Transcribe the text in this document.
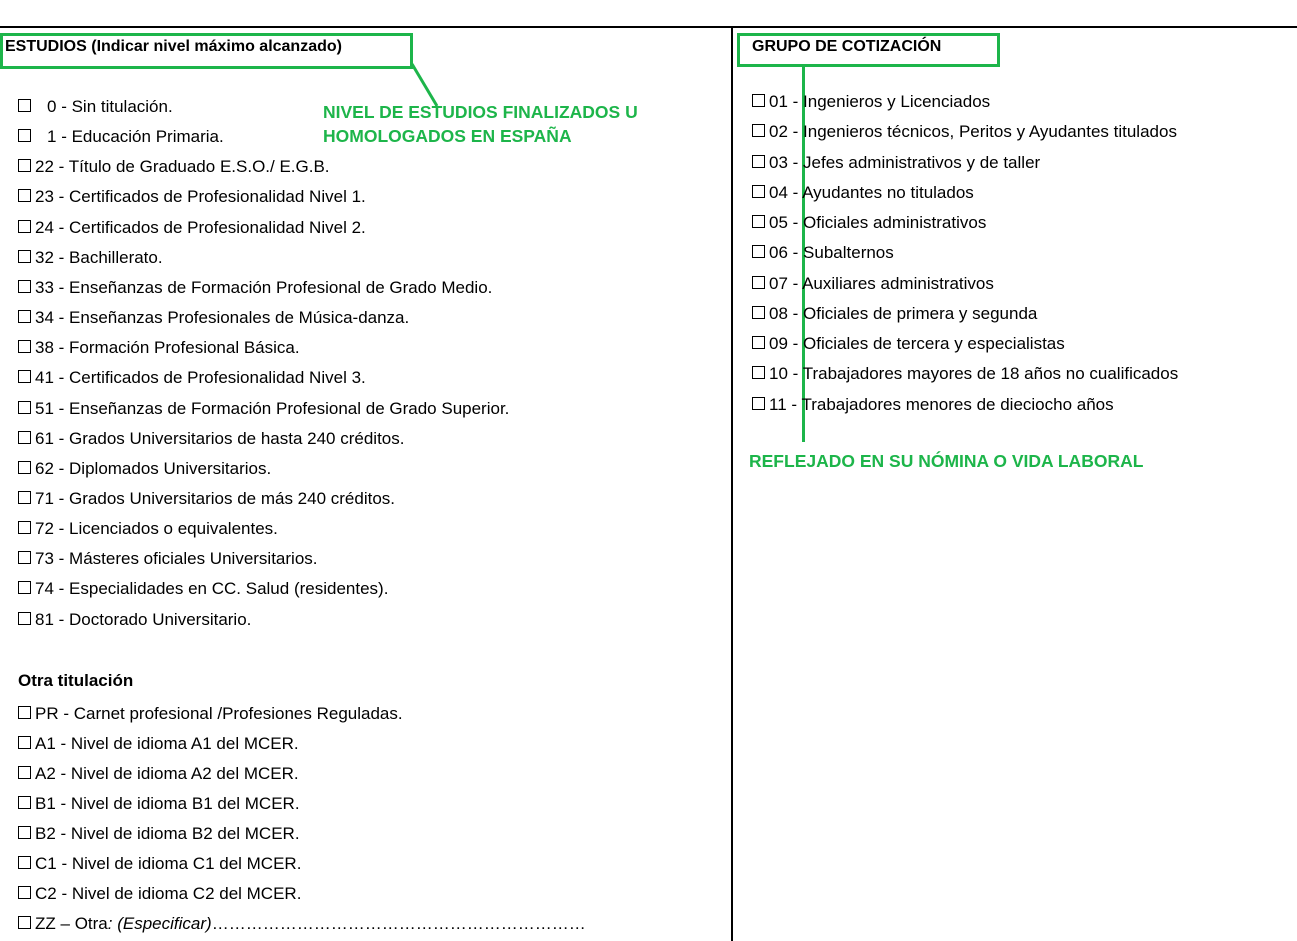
ESTUDIOS (Indicar nivel máximo alcanzado)
NIVEL DE ESTUDIOS FINALIZADOS U
HOMOLOGADOS EN ESPAÑA
0 - Sin titulación.
1 - Educación Primaria.
22 - Título de Graduado E.S.O./ E.G.B.
23 - Certificados de Profesionalidad Nivel 1.
24 - Certificados de Profesionalidad Nivel 2.
32 - Bachillerato.
33 - Enseñanzas de Formación Profesional de Grado Medio.
34 - Enseñanzas Profesionales de Música-danza.
38 - Formación Profesional Básica.
41 - Certificados de Profesionalidad Nivel 3.
51 - Enseñanzas de Formación Profesional de Grado Superior.
61 - Grados Universitarios de hasta 240 créditos.
62 - Diplomados Universitarios.
71 - Grados Universitarios de más 240 créditos.
72 - Licenciados o equivalentes.
73 - Másteres oficiales Universitarios.
74 - Especialidades en CC. Salud (residentes).
81 - Doctorado Universitario.
Otra titulación
PR - Carnet profesional /Profesiones Reguladas.
A1 - Nivel de idioma A1 del MCER.
A2 - Nivel de idioma A2 del MCER.
B1 - Nivel de idioma B1 del MCER.
B2 - Nivel de idioma B2 del MCER.
C1 - Nivel de idioma C1 del MCER.
C2 - Nivel de idioma C2 del MCER.
ZZ – Otra: (Especificar)…………………………………………………………
GRUPO DE COTIZACIÓN
01 - Ingenieros y Licenciados
02 - Ingenieros técnicos, Peritos y Ayudantes titulados
03 - Jefes administrativos y de taller
04 - Ayudantes no titulados
05 - Oficiales administrativos
06 - Subalternos
07 - Auxiliares administrativos
08 - Oficiales de primera y segunda
09 - Oficiales de tercera y especialistas
10 - Trabajadores mayores de 18 años no cualificados
11 - Trabajadores menores de dieciocho años
REFLEJADO EN SU NÓMINA O VIDA LABORAL
